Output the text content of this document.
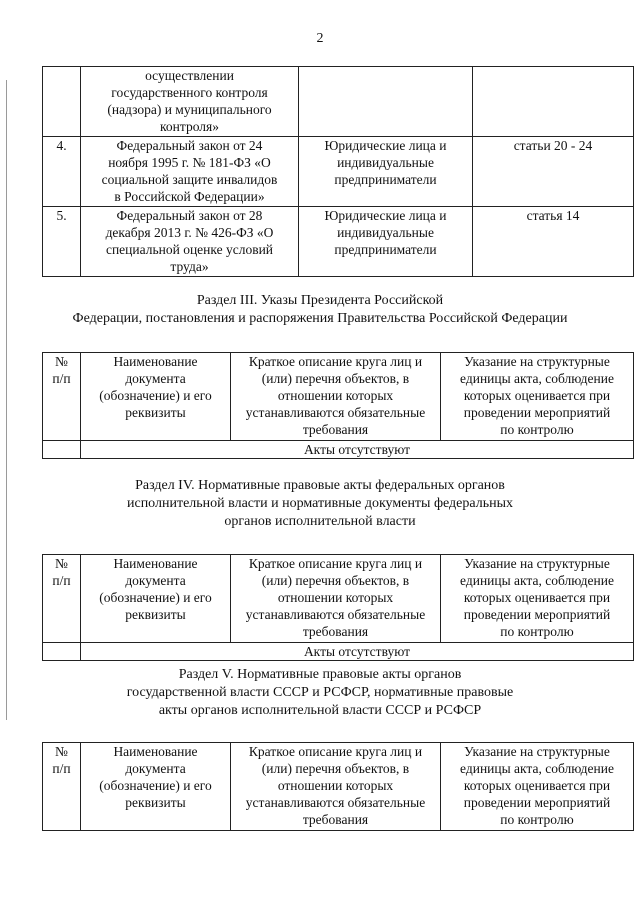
2
	осуществлении
государственного контроля
(надзора) и муниципального
контроля»		
4.	Федеральный закон от 24
ноября 1995 г. № 181-ФЗ «О
социальной защите инвалидов
в Российской Федерации»	Юридические лица и
индивидуальные
предприниматели	статьи 20 - 24
5.	Федеральный закон от 28
декабря 2013 г. № 426-ФЗ «О
специальной оценке условий
труда»	Юридические лица и
индивидуальные
предприниматели	статья 14
Раздел III. Указы Президента Российской
Федерации, постановления и распоряжения Правительства Российской Федерации
№
п/п	Наименование
документа
(обозначение) и его
реквизиты	Краткое описание круга лиц и
(или) перечня объектов, в
отношении которых
устанавливаются обязательные
требования	Указание на структурные
единицы акта, соблюдение
которых оценивается при
проведении мероприятий
по контролю
	Акты отсутствуют		
Раздел IV. Нормативные правовые акты федеральных органов
исполнительной власти и нормативные документы федеральных
органов исполнительной власти
№
п/п	Наименование
документа
(обозначение) и его
реквизиты	Краткое описание круга лиц и
(или) перечня объектов, в
отношении которых
устанавливаются обязательные
требования	Указание на структурные
единицы акта, соблюдение
которых оценивается при
проведении мероприятий
по контролю
	Акты отсутствуют		
Раздел V. Нормативные правовые акты органов
государственной власти СССР и РСФСР, нормативные правовые
акты органов исполнительной власти СССР и РСФСР
№
п/п	Наименование
документа
(обозначение) и его
реквизиты	Краткое описание круга лиц и
(или) перечня объектов, в
отношении которых
устанавливаются обязательные
требования	Указание на структурные
единицы акта, соблюдение
которых оценивается при
проведении мероприятий
по контролю
